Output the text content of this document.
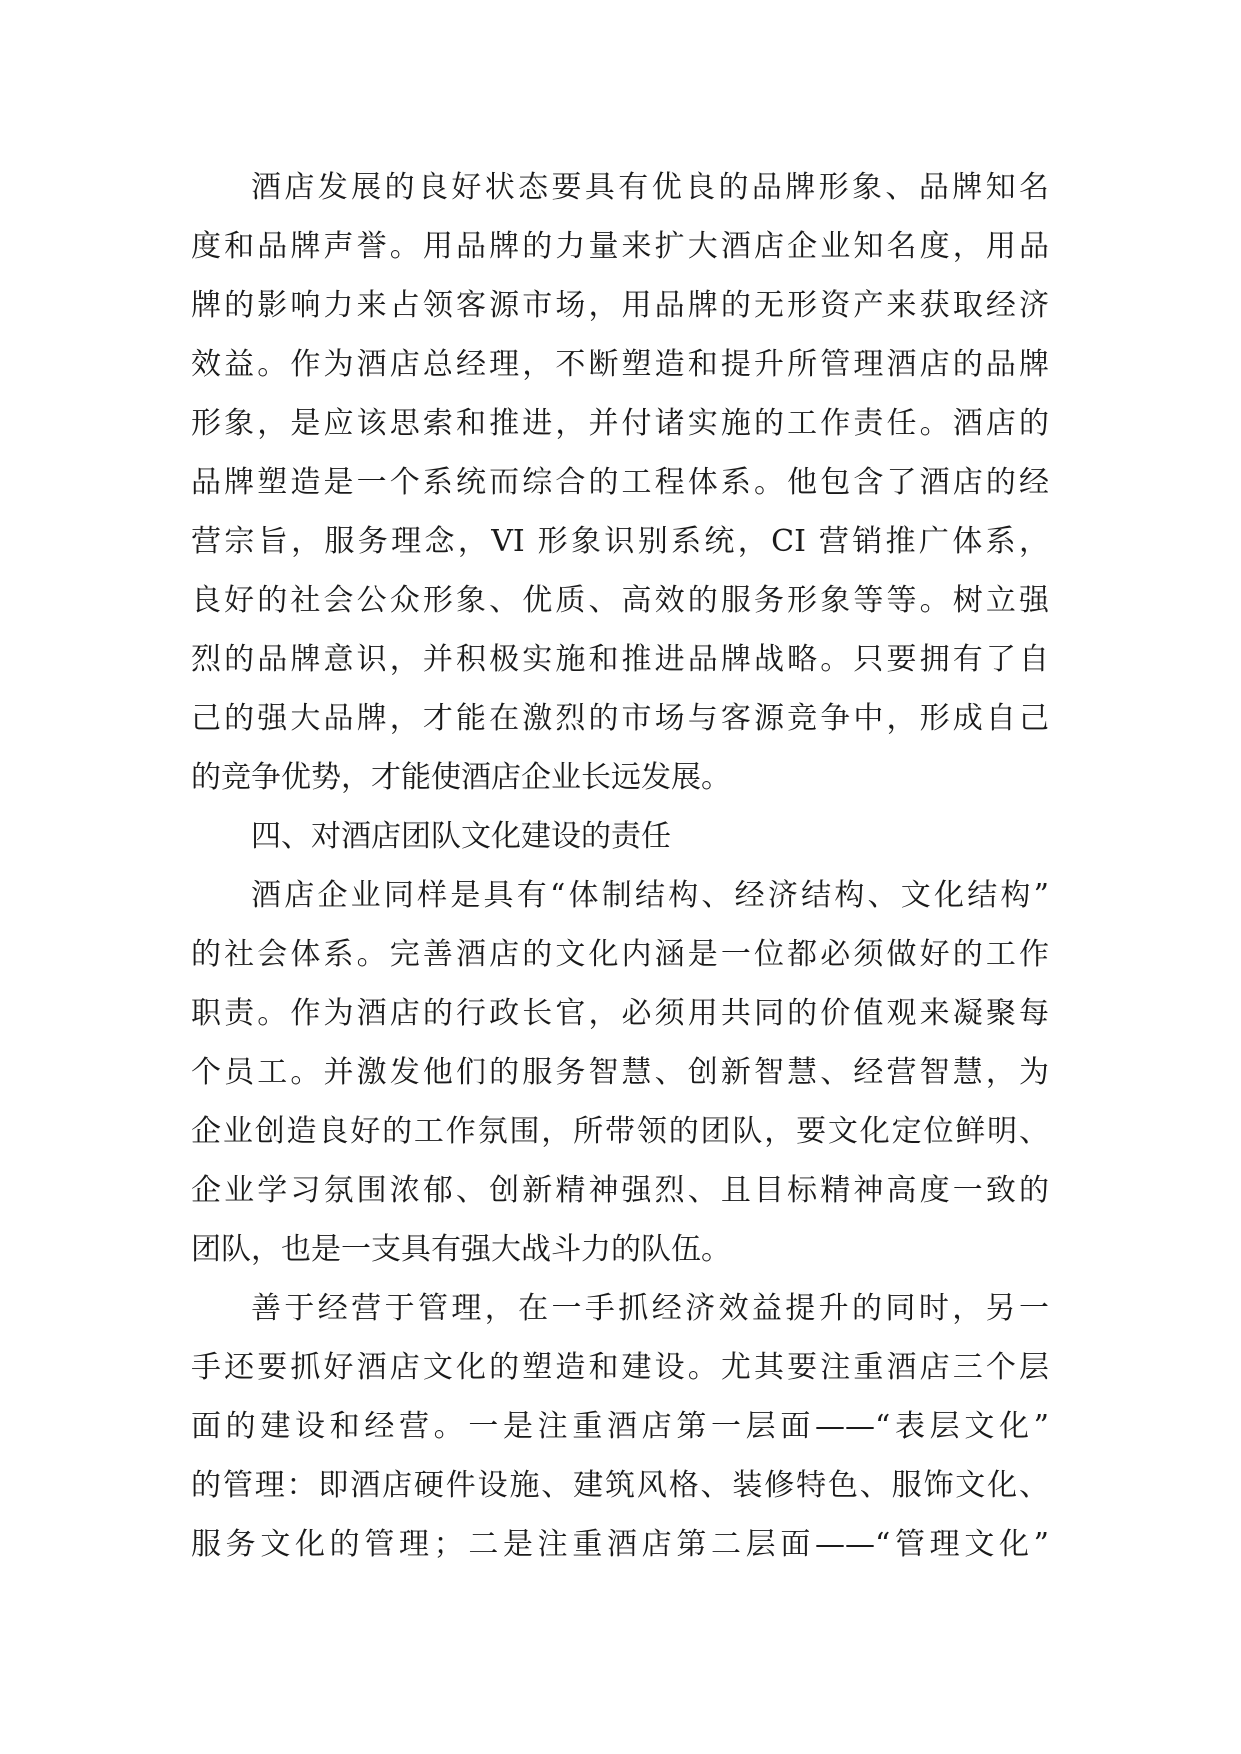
酒店发展的良好状态要具有优良的品牌形象、品牌知名
度和品牌声誉。用品牌的力量来扩大酒店企业知名度，用品
牌的影响力来占领客源市场，用品牌的无形资产来获取经济
效益。作为酒店总经理，不断塑造和提升所管理酒店的品牌
形象，是应该思索和推进，并付诸实施的工作责任。酒店的
品牌塑造是一个系统而综合的工程体系。他包含了酒店的经
营宗旨，服务理念，VI 形象识别系统，CI 营销推广体系，
良好的社会公众形象、优质、高效的服务形象等等。树立强
烈的品牌意识，并积极实施和推进品牌战略。只要拥有了自
己的强大品牌，才能在激烈的市场与客源竞争中，形成自己
的竞争优势，才能使酒店企业长远发展。
四、对酒店团队文化建设的责任
酒店企业同样是具有“体制结构、经济结构、文化结构”
的社会体系。完善酒店的文化内涵是一位都必须做好的工作
职责。作为酒店的行政长官，必须用共同的价值观来凝聚每
个员工。并激发他们的服务智慧、创新智慧、经营智慧，为
企业创造良好的工作氛围，所带领的团队，要文化定位鲜明、
企业学习氛围浓郁、创新精神强烈、且目标精神高度一致的
团队，也是一支具有强大战斗力的队伍。
善于经营于管理，在一手抓经济效益提升的同时，另一
手还要抓好酒店文化的塑造和建设。尤其要注重酒店三个层
面的建设和经营。一是注重酒店第一层面——“表层文化”
的管理：即酒店硬件设施、建筑风格、装修特色、服饰文化、
服务文化的管理；二是注重酒店第二层面——“管理文化”
